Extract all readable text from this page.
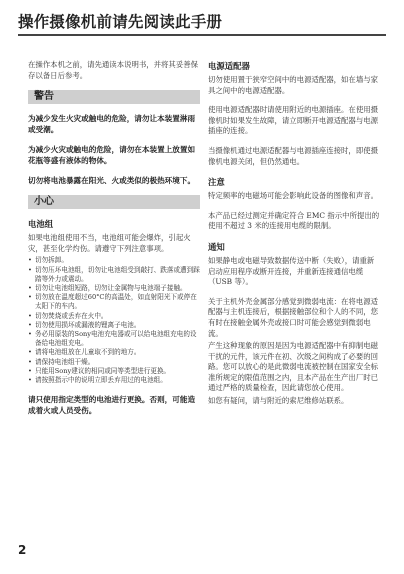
操作摄像机前请先阅读此手册

在操作本机之前，请先通读本说明书，并将其妥善保存以备日后参考。

警告

为减少发生火灾或触电的危险，请勿让本装置淋雨或受潮。

为减少火灾或触电的危险，请勿在本装置上放置如花瓶等盛有液体的物体。

切勿将电池暴露在阳光、火或类似的极热环境下。

小心
电池组

如果电池组使用不当，电池组可能会爆炸，引起火灾，甚至化学灼伤。请遵守下列注意事项。

• 切勿拆卸。
• 切勿压坏电池组，切勿让电池组受到敲打、跌落或遭到踩踏等外力或震动。
• 切勿让电池组短路，切勿让金属物与电池端子接触。
• 切勿放在温度超过60°C的高温处，如直射阳光下或停在太阳下的车内。
• 切勿焚烧或丢弃在火中。
• 切勿使用损坏或漏液的锂离子电池。
• 务必用原装的Sony电池充电器或可以给电池组充电的设备给电池组充电。
• 请将电池组放在儿童取不到的地方。
• 请保持电池组干燥。
• 只能用Sony建议的相同或同等类型进行更换。
• 请按照指示中的说明立即丢弃用过的电池组。

请只使用指定类型的电池进行更换。否则，可能造成着火或人员受伤。

电源适配器

切勿使用置于狭窄空间中的电源适配器，如在墙与家具之间中的电源适配器。

使用电源适配器时请使用附近的电源插座。在使用摄像机时如果发生故障，请立即断开电源适配器与电源插座的连接。

当摄像机通过电源适配器与电源插座连接时，即使摄像机电源关闭，但仍然通电。

注意

特定频率的电磁场可能会影响此设备的图像和声音。

本产品已经过测定并确定符合 EMC 指示中所提出的使用不超过 3 米的连接用电缆的限制。

通知

如果静电或电磁导致数据传送中断（失败），请重新启动应用程序或断开连接，并重新连接通信电缆（USB 等）。

关于主机外壳金属部分感觉到微弱电流：在将电源适配器与主机连接后，根据接触部位和个人的不同，您有时在接触金属外壳或接口时可能会感觉到微弱电流。

产生这种现象的原因是因为电源适配器中有抑制电磁干扰的元件，该元件在初、次级之间构成了必要的回路。您可以放心的是此微弱电流被控制在国家安全标准所规定的限值范围之内，且本产品在生产出厂时已通过严格的质量检查，因此请您放心使用。

如您有疑问，请与附近的索尼维修站联系。

2
